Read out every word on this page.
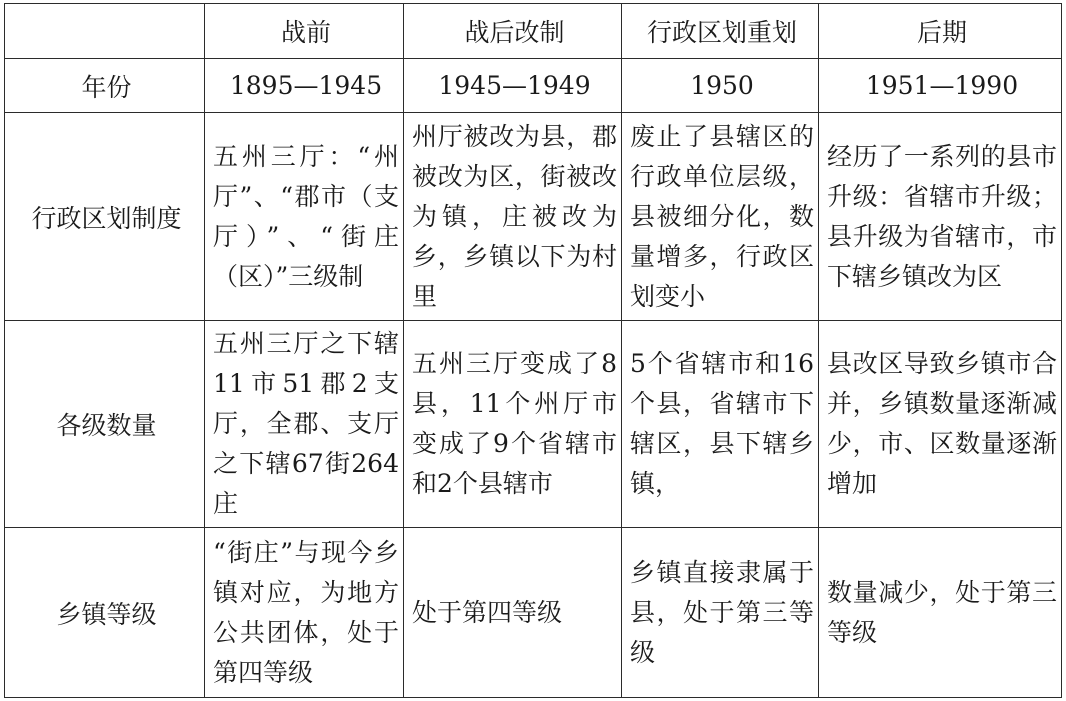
	战前	战后改制	行政区划重划	后期
年份	1895—1945	1945—1949	1950	1951—1990
行政区划制度	五州三厅：“州厅”、“郡市（支厅）”、“街庄（区）”三级制	州厅被改为县，郡被改为区，街被改为镇，庄被改为乡，乡镇以下为村里	废止了县辖区的行政单位层级，县被细分化，数量增多，行政区划变小	经历了一系列的县市升级：省辖市升级；县升级为省辖市，市下辖乡镇改为区
各级数量	五州三厅之下辖11市51郡2支厅，全郡、支厅之下辖67街264庄	五州三厅变成了8县，11个州厅市变成了9个省辖市和2个县辖市	5个省辖市和16个县，省辖市下辖区，县下辖乡镇，	县改区导致乡镇市合并，乡镇数量逐渐减少，市、区数量逐渐增加
乡镇等级	“街庄”与现今乡镇对应，为地方公共团体，处于第四等级	处于第四等级	乡镇直接隶属于县，处于第三等级	数量减少，处于第三等级
